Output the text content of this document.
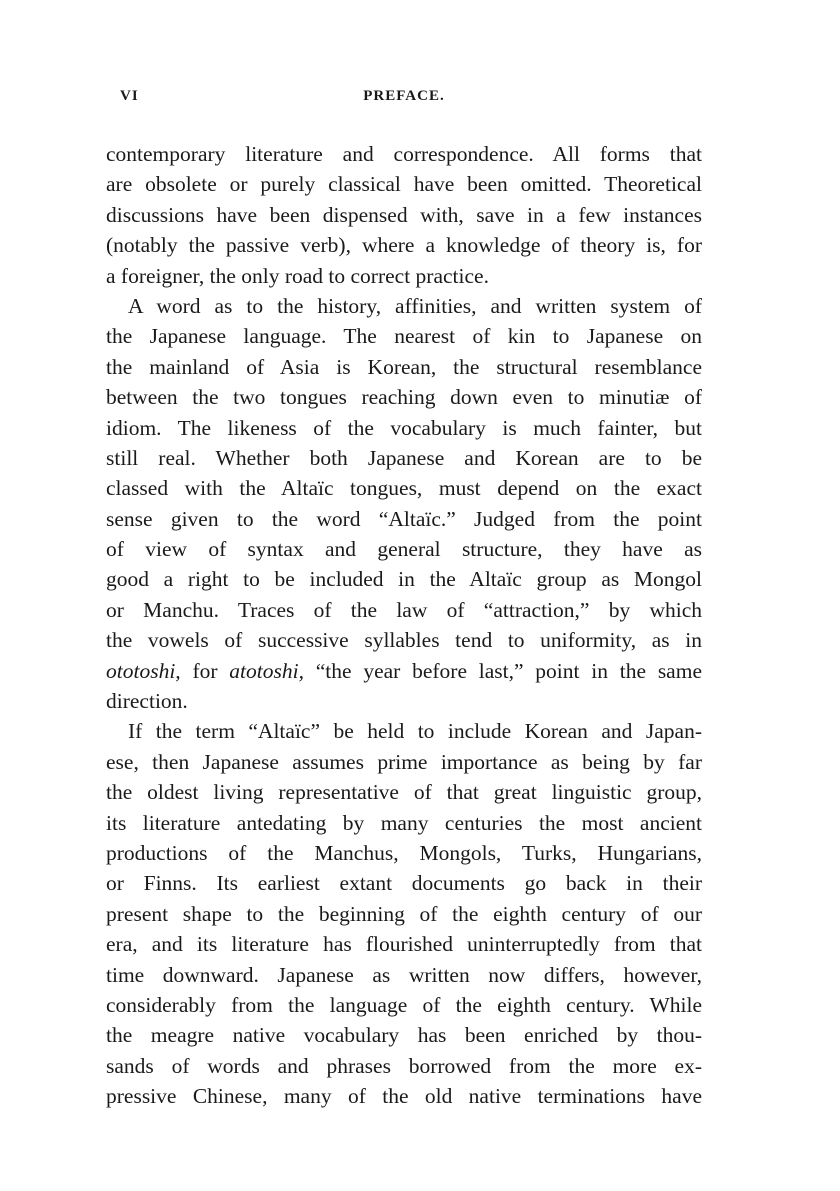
VI	PREFACE.
contemporary literature and correspondence. All forms that
are obsolete or purely classical have been omitted. Theoretical
discussions have been dispensed with, save in a few instances
(notably the passive verb), where a knowledge of theory is, for
a foreigner, the only road to correct practice.
A word as to the history, affinities, and written system of
the Japanese language. The nearest of kin to Japanese on
the mainland of Asia is Korean, the structural resemblance
between the two tongues reaching down even to minutiæ of
idiom. The likeness of the vocabulary is much fainter, but
still real. Whether both Japanese and Korean are to be
classed with the Altaïc tongues, must depend on the exact
sense given to the word “Altaïc.” Judged from the point
of view of syntax and general structure, they have as
good a right to be included in the Altaïc group as Mongol
or Manchu. Traces of the law of “attraction,” by which
the vowels of successive syllables tend to uniformity, as in
ototoshi, for atotoshi, “the year before last,” point in the same
direction.
If the term “Altaïc” be held to include Korean and Japan-
ese, then Japanese assumes prime importance as being by far
the oldest living representative of that great linguistic group,
its literature antedating by many centuries the most ancient
productions of the Manchus, Mongols, Turks, Hungarians,
or Finns. Its earliest extant documents go back in their
present shape to the beginning of the eighth century of our
era, and its literature has flourished uninterruptedly from that
time downward. Japanese as written now differs, however,
considerably from the language of the eighth century. While
the meagre native vocabulary has been enriched by thou-
sands of words and phrases borrowed from the more ex-
pressive Chinese, many of the old native terminations have
